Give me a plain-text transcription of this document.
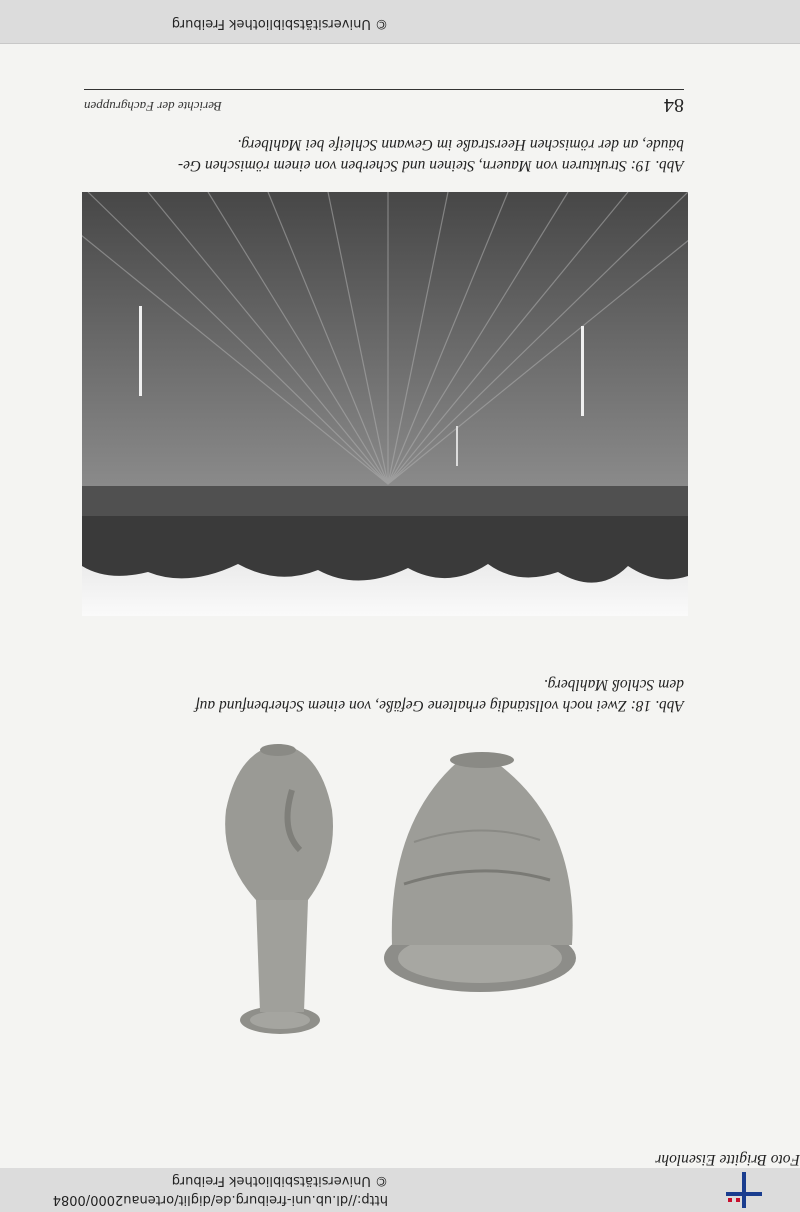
http://dl.ub.uni-freiburg.de/diglit/ortenau2000/0084
© Universitätsbibliothek Freiburg
84
Berichte der Fachgruppen
Abb. 18: Zwei noch vollständig erhaltene Gefäße, von einem Scherbenfund auf
dem Schloß Mahlberg.
Foto Brigitte Eisenlohr
Abb. 19: Strukturen von Mauern, Steinen und Scherben von einem römischen Ge-
bäude, an der römischen Heerstraße im Gewann Schleife bei Mahlberg.
© Universitätsbibliothek Freiburg
